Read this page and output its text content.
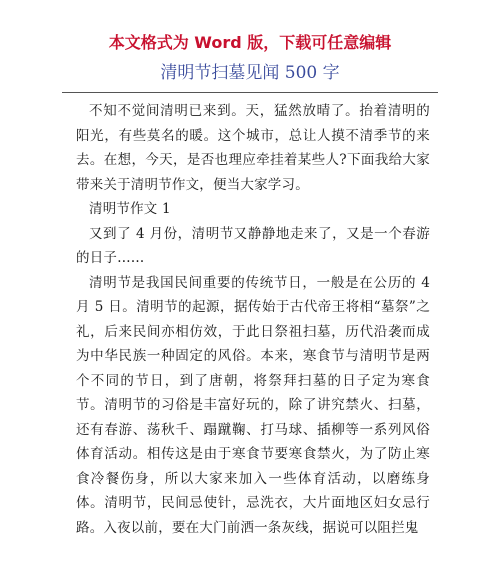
本文格式为 Word 版，下载可任意编辑
清明节扫墓见闻 500 字

不知不觉间清明已来到。天，猛然放晴了。抬着清明的阳光，有些莫名的暖。这个城市，总让人摸不清季节的来去。在想，今天，是否也理应牵挂着某些人?下面我给大家带来关于清明节作文，便当大家学习。

清明节作文 1

又到了 4 月份，清明节又静静地走来了，又是一个春游的日子……

清明节是我国民间重要的传统节日，一般是在公历的 4 月 5 日。清明节的起源，据传始于古代帝王将相“墓祭”之礼，后来民间亦相仿效，于此日祭祖扫墓，历代沿袭而成为中华民族一种固定的风俗。本来，寒食节与清明节是两个不同的节日，到了唐朝，将祭拜扫墓的日子定为寒食节。清明节的习俗是丰富好玩的，除了讲究禁火、扫墓，还有春游、荡秋千、蹋蹴鞠、打马球、插柳等一系列风俗体育活动。相传这是由于寒食节要寒食禁火，为了防止寒食冷餐伤身，所以大家来加入一些体育活动，以磨练身体。清明节，民间忌使针，忌洗衣，大片面地区妇女忌行路。入夜以前，要在大门前洒一条灰线，据说可以阻拦鬼
